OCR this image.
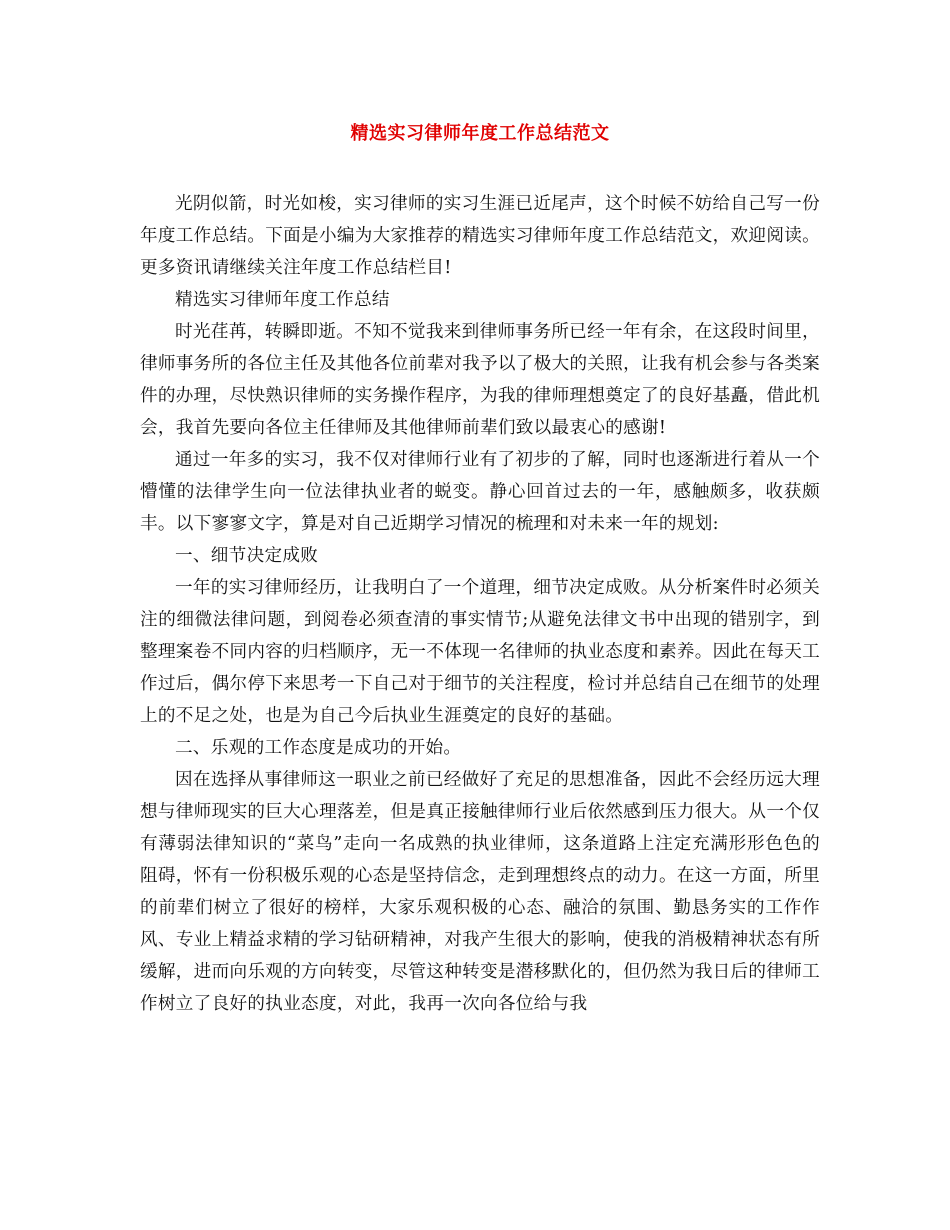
精选实习律师年度工作总结范文

光阴似箭，时光如梭，实习律师的实习生涯已近尾声，这个时候不妨给自己写一份年度工作总结。下面是小编为大家推荐的精选实习律师年度工作总结范文，欢迎阅读。更多资讯请继续关注年度工作总结栏目!

精选实习律师年度工作总结

时光荏苒，转瞬即逝。不知不觉我来到律师事务所已经一年有余，在这段时间里，律师事务所的各位主任及其他各位前辈对我予以了极大的关照，让我有机会参与各类案件的办理，尽快熟识律师的实务操作程序，为我的律师理想奠定了的良好基矗，借此机会，我首先要向各位主任律师及其他律师前辈们致以最衷心的感谢!

通过一年多的实习，我不仅对律师行业有了初步的了解，同时也逐渐进行着从一个懵懂的法律学生向一位法律执业者的蜕变。静心回首过去的一年，感触颇多，收获颇丰。以下寥寥文字，算是对自己近期学习情况的梳理和对未来一年的规划:

一、细节决定成败

一年的实习律师经历，让我明白了一个道理，细节决定成败。从分析案件时必须关注的细微法律问题，到阅卷必须查清的事实情节;从避免法律文书中出现的错别字，到整理案卷不同内容的归档顺序，无一不体现一名律师的执业态度和素养。因此在每天工作过后，偶尔停下来思考一下自己对于细节的关注程度，检讨并总结自己在细节的处理上的不足之处，也是为自己今后执业生涯奠定的良好的基础。

二、乐观的工作态度是成功的开始。

因在选择从事律师这一职业之前已经做好了充足的思想准备，因此不会经历远大理想与律师现实的巨大心理落差，但是真正接触律师行业后依然感到压力很大。从一个仅有薄弱法律知识的“菜鸟”走向一名成熟的执业律师，这条道路上注定充满形形色色的阻碍，怀有一份积极乐观的心态是坚持信念，走到理想终点的动力。在这一方面，所里的前辈们树立了很好的榜样，大家乐观积极的心态、融洽的氛围、勤恳务实的工作作风、专业上精益求精的学习钻研精神，对我产生很大的影响，使我的消极精神状态有所缓解，进而向乐观的方向转变，尽管这种转变是潜移默化的，但仍然为我日后的律师工作树立了良好的执业态度，对此，我再一次向各位给与我
